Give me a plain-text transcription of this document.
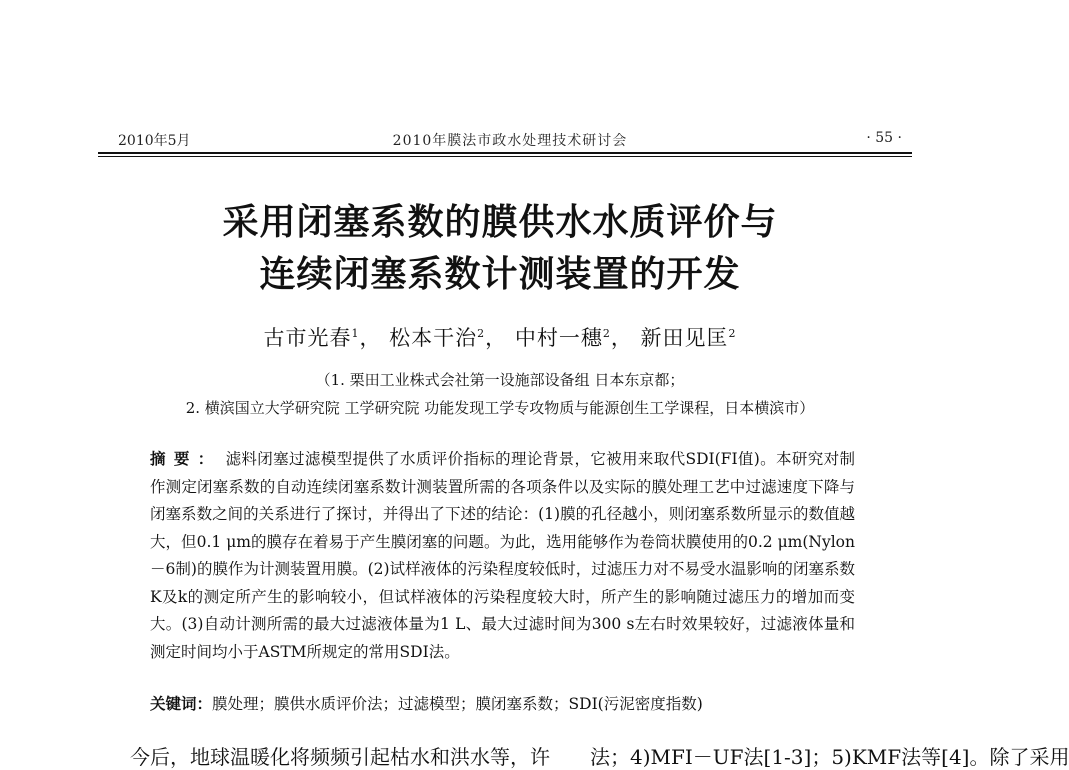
2010年5月	2010年膜法市政水处理技术研讨会	· 55 ·
采用闭塞系数的膜供水水质评价与
连续闭塞系数计测装置的开发
古市光春$^1$， 松本干治$^2$， 中村一穗$^2$， 新田见匡$^2$
（1. 栗田工业株式会社第一设施部设备组 日本东京都；
2. 横滨国立大学研究院 工学研究院 功能发现工学专攻物质与能源创生工学课程，日本横滨市）
摘要： 滤料闭塞过滤模型提供了水质评价指标的理论背景，它被用来取代SDI(FI值)。本研究对制作测定闭塞系数的自动连续闭塞系数计测装置所需的各项条件以及实际的膜处理工艺中过滤速度下降与闭塞系数之间的关系进行了探讨，并得出了下述的结论：(1)膜的孔径越小，则闭塞系数所显示的数值越大，但0.1 μm的膜存在着易于产生膜闭塞的问题。为此，选用能够作为卷筒状膜使用的0.2 μm(Nylon－6制)的膜作为计测装置用膜。(2)试样液体的污染程度较低时，过滤压力对不易受水温影响的闭塞系数K及k的测定所产生的影响较小，但试样液体的污染程度较大时，所产生的影响随过滤压力的增加而变大。(3)自动计测所需的最大过滤液体量为1 L、最大过滤时间为300 s左右时效果较好，过滤液体量和测定时间均小于ASTM所规定的常用SDI法。
关键词：膜处理；膜供水质评价法；过滤模型；膜闭塞系数；SDI(污泥密度指数)
今后，地球温暖化将频频引起枯水和洪水等，许　　法；4)MFI－UF法[1-3]；5)KMF法等[4]。除了采用
